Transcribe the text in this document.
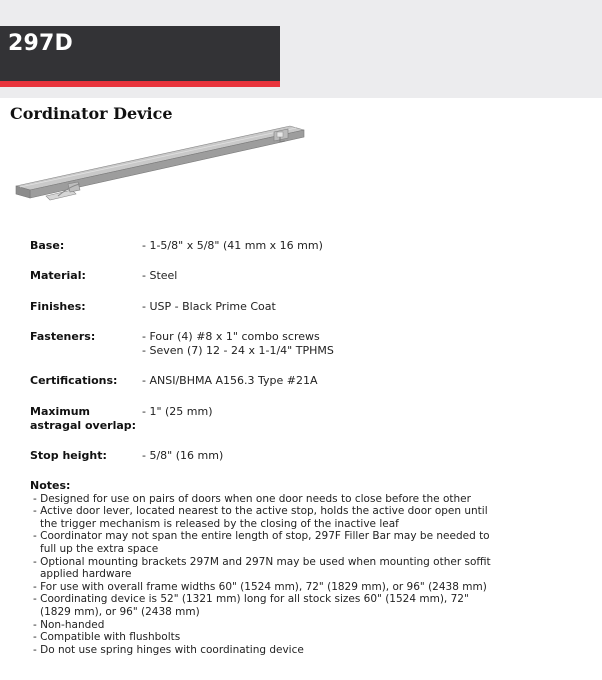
297D
Cordinator Device
Base:	- 1-5/8" x 5/8" (41 mm x 16 mm)
Material:	- Steel
Finishes:	- USP - Black Prime Coat
Fasteners:	- Four (4) #8 x 1" combo screws
- Seven (7) 12 - 24 x 1-1/4" TPHMS
Certifications:	- ANSI/BHMA A156.3 Type #21A
Maximum astragal overlap:
- 1" (25 mm)
Stop height:	- 5/8" (16 mm)
Notes:
- Designed for use on pairs of doors when one door needs to close before the other
- Active door lever, located nearest to the active stop, holds the active door open until the trigger mechanism is released by the closing of the inactive leaf
- Coordinator may not span the entire length of stop, 297F Filler Bar may be needed to full up the extra space
- Optional mounting brackets 297M and 297N may be used when mounting other soffit applied hardware
- For use with overall frame widths 60" (1524 mm), 72" (1829 mm), or 96" (2438 mm)
- Coordinating device is 52" (1321 mm) long for all stock sizes 60" (1524 mm), 72" (1829 mm), or 96" (2438 mm)
- Non-handed
- Compatible with flushbolts
- Do not use spring hinges with coordinating device
